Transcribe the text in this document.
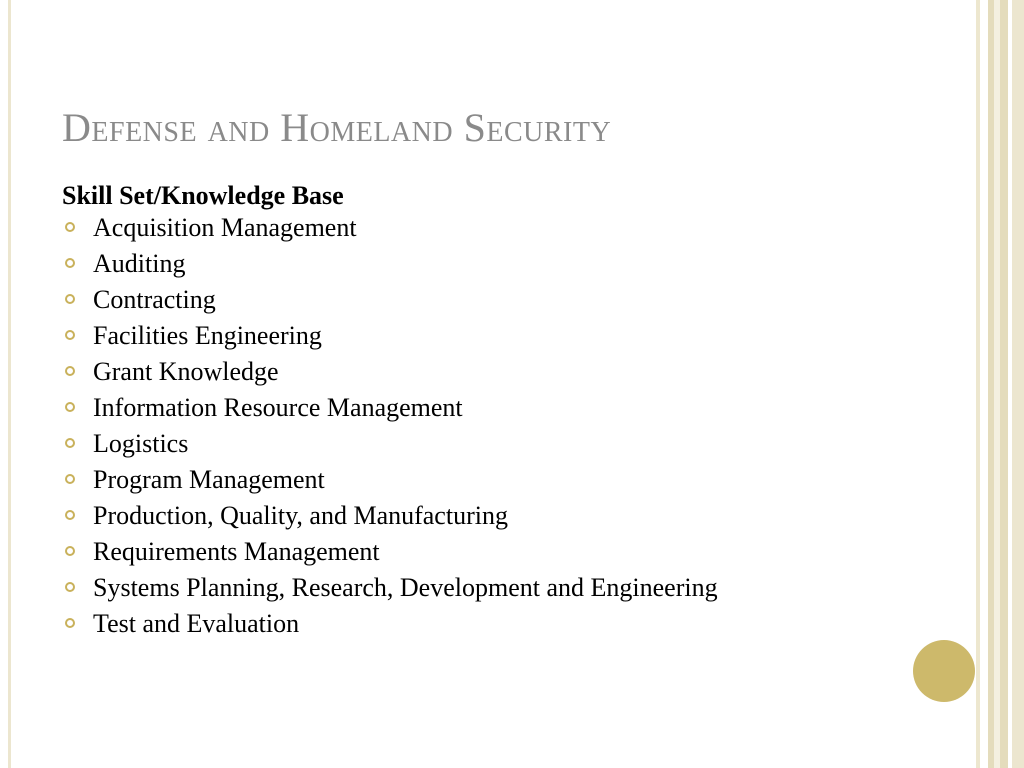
Defense and Homeland Security

Skill Set/Knowledge Base

Acquisition Management
Auditing
Contracting
Facilities Engineering
Grant Knowledge
Information Resource Management
Logistics
Program Management
Production, Quality, and Manufacturing
Requirements Management
Systems Planning, Research, Development and Engineering
Test and Evaluation
